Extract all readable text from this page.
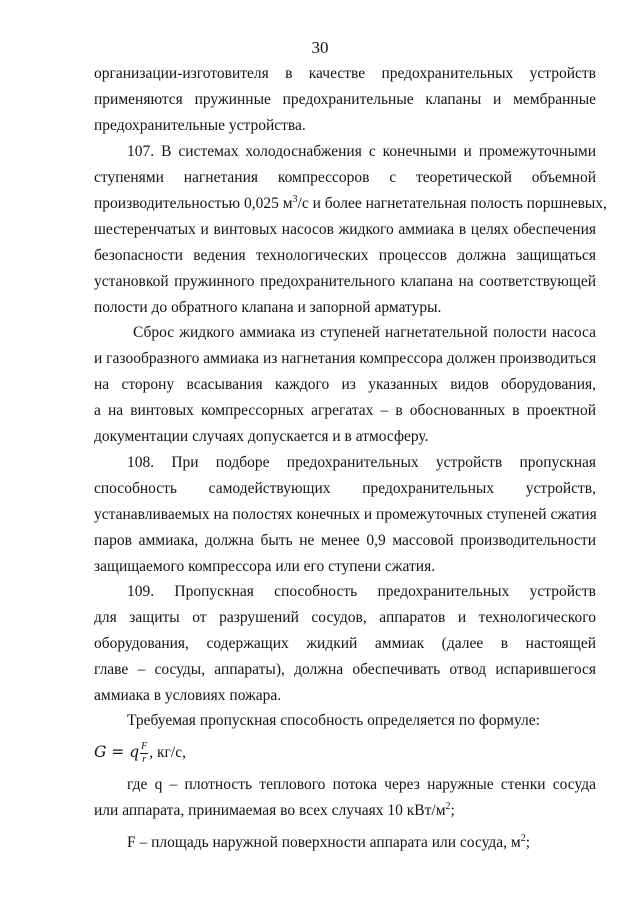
30
организации-изготовителя в качестве предохранительных устройств
применяются пружинные предохранительные клапаны и мембранные
предохранительные устройства.
107. В системах холодоснабжения с конечными и промежуточными
ступенями нагнетания компрессоров с теоретической объемной
производительностью 0,025 $м^3/с$ и более нагнетательная полость поршневых,
шестеренчатых и винтовых насосов жидкого аммиака в целях обеспечения
безопасности ведения технологических процессов должна защищаться
установкой пружинного предохранительного клапана на соответствующей
полости до обратного клапана и запорной арматуры.
Сброс жидкого аммиака из ступеней нагнетательной полости насоса
и газообразного аммиака из нагнетания компрессора должен производиться
на сторону всасывания каждого из указанных видов оборудования,
а на винтовых компрессорных агрегатах – в обоснованных в проектной
документации случаях допускается и в атмосферу.
108. При подборе предохранительных устройств пропускная
способность самодействующих предохранительных устройств,
устанавливаемых на полостях конечных и промежуточных ступеней сжатия
паров аммиака, должна быть не менее 0,9 массовой производительности
защищаемого компрессора или его ступени сжатия.
109. Пропускная способность предохранительных устройств
для защиты от разрушений сосудов, аппаратов и технологического
оборудования, содержащих жидкий аммиак (далее в настоящей
главе – сосуды, аппараты), должна обеспечивать отвод испарившегося
аммиака в условиях пожара.
Требуемая пропускная способность определяется по формуле:
G = q $\frac{F}{r}$ , кг/с,
где q – плотность теплового потока через наружные стенки сосуда
или аппарата, принимаемая во всех случаях 10 кВт/$м^2$;
F – площадь наружной поверхности аппарата или сосуда, $м^2$;
